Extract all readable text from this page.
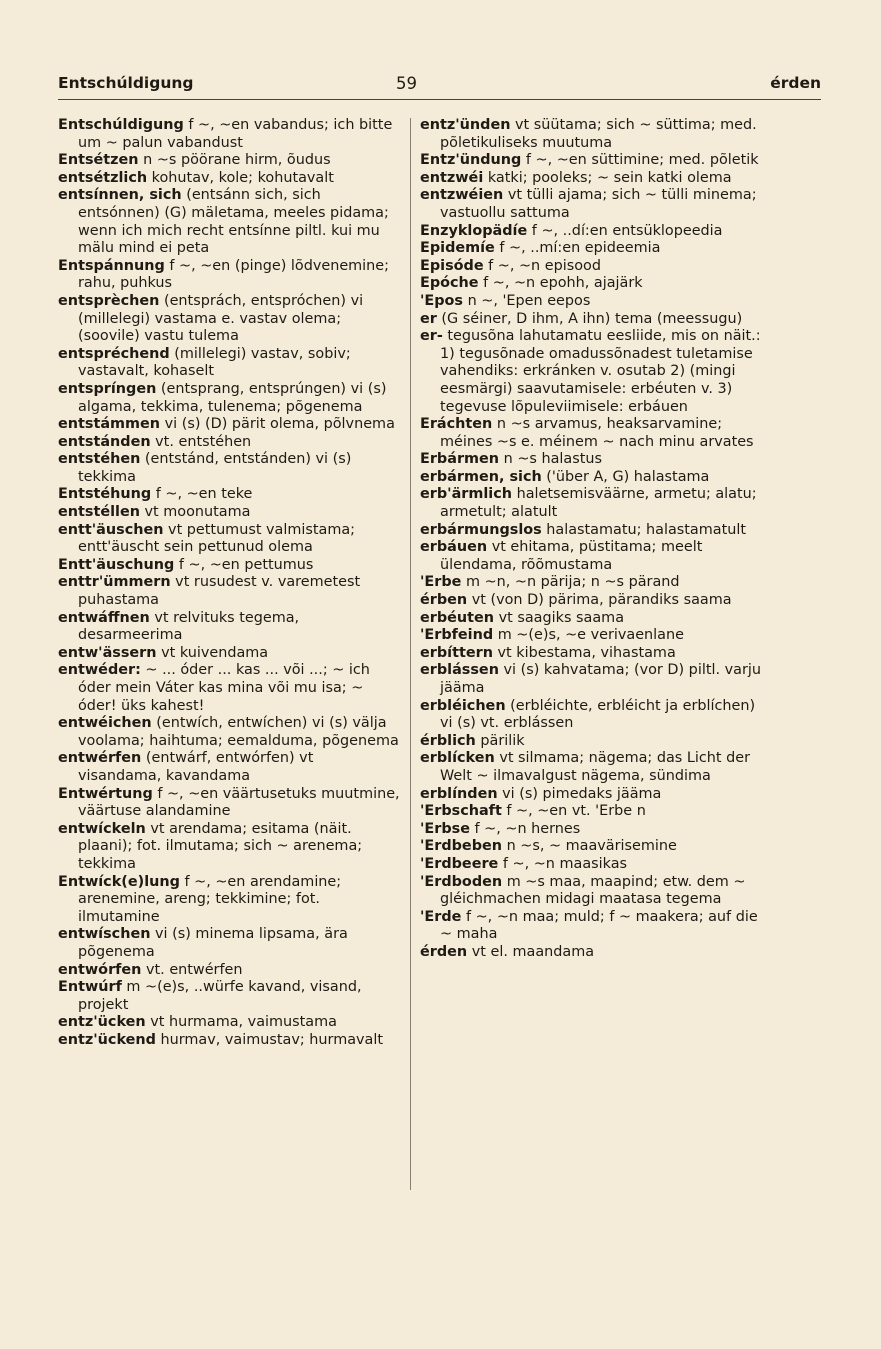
Entschúldigung	59	érden
Entschúldigung f ~, ~en vabandus; ich bitte um ~ palun vabandust
Entsétzen n ~s pöörane hirm, õudus
entsétzlich kohutav, kole; kohutavalt
entsínnen, sich (entsánn sich, sich entsónnen) (G) mäletama, meeles pidama; wenn ich mich recht entsínne piltl. kui mu mälu mind ei peta
Entspánnung f ~, ~en (pinge) lõdvenemine; rahu, puhkus
entsprѐchen (entsprách, entspróchen) vi (millelegi) vastama e. vastav olema; (soovile) vastu tulema
entspréchend (millelegi) vastav, sobiv; vastavalt, kohaselt
entspríngen (entsprang, entsprúngen) vi (s) algama, tekkima, tulenema; põgenema
entstámmen vi (s) (D) pärit olema, põlvnema
entstánden vt. entstéhen
entstéhen (entstánd, entstánden) vi (s) tekkima
Entstéhung f ~, ~en teke
entstéllen vt moonutama
entt'äuschen vt pettumust valmistama; entt'äuscht sein pettunud olema
Entt'äuschung f ~, ~en pettumus
enttr'ümmern vt rusudest v. varemetest puhastama
entwáffnen vt relvituks tegema, desarmeerima
entw'ässern vt kuivendama
entwéder: ~ ... óder ... kas ... või ...; ~ ich óder mein Váter kas mina või mu isa; ~ óder! üks kahest!
entwéichen (entwích, entwíchen) vi (s) välja voolama; haihtuma; eemalduma, põgenema
entwérfen (entwárf, entwórfen) vt visandama, kavandama
Entwértung f ~, ~en väärtusetuks muutmine, väärtuse alandamine
entwíckeln vt arendama; esitama (näit. plaani); fot. ilmutama; sich ~ arenema; tekkima
Entwíck(e)lung f ~, ~en arendamine; arenemine, areng; tekkimine; fot. ilmutamine
entwíschen vi (s) minema lipsama, ära põgenema
entwórfen vt. entwérfen
Entwúrf m ~(e)s, ..würfe kavand, visand, projekt
entz'ücken vt hurmama, vaimustama
entz'ückend hurmav, vaimustav; hurmavalt
entz'ünden vt süütama; sich ~ süttima; med. põletikuliseks muutuma
Entz'ündung f ~, ~en süttimine; med. põletik
entzwéi katki; pooleks; ~ sein katki olema
entzwéien vt tülli ajama; sich ~ tülli minema; vastuollu sattuma
Enzyklopädíe f ~, ..dí:en entsüklopeedia
Epidemíe f ~, ..mí:en epideemia
Episóde f ~, ~n episood
Epóche f ~, ~n epohh, ajajärk
'Epos n ~, 'Epen eepos
er (G séiner, D ihm, A ihn) tema (meessugu)
er- tegusõna lahutamatu eesliide, mis on näit.: 1) tegusõnade omadussõnadest tuletamise vahendiks: erkránken v. osutab 2) (mingi eesmärgi) saavutamisele: erbéuten v. 3) tegevuse lõpuleviimisele: erbáuen
Eráchten n ~s arvamus, heaksarvamine; méines ~s e. méinem ~ nach minu arvates
Erbármen n ~s halastus
erbármen, sich ('über A, G) halastama
erb'ärmlich haletsemisväärne, armetu; alatu; armetult; alatult
erbármungslos halastamatu; halastamatult
erbáuen vt ehitama, püstitama; meelt ülendama, rõõmustama
'Erbe m ~n, ~n pärija; n ~s pärand
érben vt (von D) pärima, pärandiks saama
erbéuten vt saagiks saama
'Erbfeind m ~(e)s, ~e verivaenlane
erbíttern vt kibestama, vihastama
erblássen vi (s) kahvatama; (vor D) piltl. varju jääma
erbléichen (erbléichte, erbléicht ja erblíchen) vi (s) vt. erblássen
érblich pärilik
erblícken vt silmama; nägema; das Licht der Welt ~ ilmavalgust nägema, sündima
erblínden vi (s) pimedaks jääma
'Erbschaft f ~, ~en vt. 'Erbe n
'Erbse f ~, ~n hernes
'Erdbeben n ~s, ~ maavärisemine
'Erdbeere f ~, ~n maasikas
'Erdboden m ~s maa, maapind; etw. dem ~ gléichmachen midagi maatasa tegema
'Erde f ~, ~n maa; muld; f ~ maakera; auf die ~ maha
érden vt el. maandama
